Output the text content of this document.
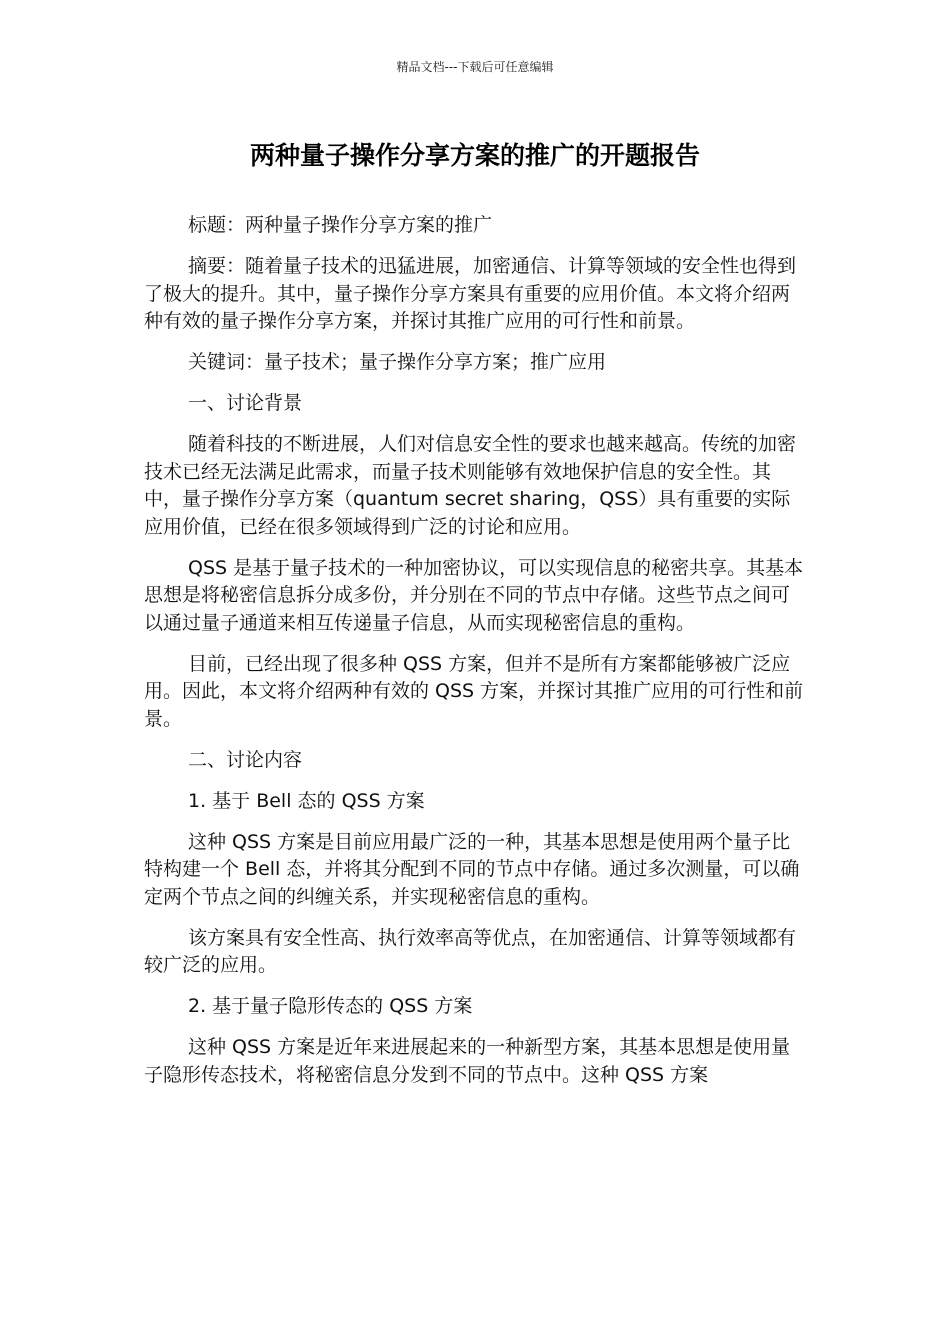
精品文档---下载后可任意编辑
两种量子操作分享方案的推广的开题报告

标题：两种量子操作分享方案的推广

摘要：随着量子技术的迅猛进展，加密通信、计算等领域的安全性也得到了极大的提升。其中，量子操作分享方案具有重要的应用价值。本文将介绍两种有效的量子操作分享方案，并探讨其推广应用的可行性和前景。

关键词：量子技术；量子操作分享方案；推广应用

一、讨论背景

随着科技的不断进展，人们对信息安全性的要求也越来越高。传统的加密技术已经无法满足此需求，而量子技术则能够有效地保护信息的安全性。其中，量子操作分享方案（quantum secret sharing，QSS）具有重要的实际应用价值，已经在很多领域得到广泛的讨论和应用。

QSS 是基于量子技术的一种加密协议，可以实现信息的秘密共享。其基本思想是将秘密信息拆分成多份，并分别在不同的节点中存储。这些节点之间可以通过量子通道来相互传递量子信息，从而实现秘密信息的重构。

目前，已经出现了很多种 QSS 方案，但并不是所有方案都能够被广泛应用。因此，本文将介绍两种有效的 QSS 方案，并探讨其推广应用的可行性和前景。

二、讨论内容

1. 基于 Bell 态的 QSS 方案

这种 QSS 方案是目前应用最广泛的一种，其基本思想是使用两个量子比特构建一个 Bell 态，并将其分配到不同的节点中存储。通过多次测量，可以确定两个节点之间的纠缠关系，并实现秘密信息的重构。

该方案具有安全性高、执行效率高等优点，在加密通信、计算等领域都有较广泛的应用。

2. 基于量子隐形传态的 QSS 方案

这种 QSS 方案是近年来进展起来的一种新型方案，其基本思想是使用量子隐形传态技术，将秘密信息分发到不同的节点中。这种 QSS 方案
